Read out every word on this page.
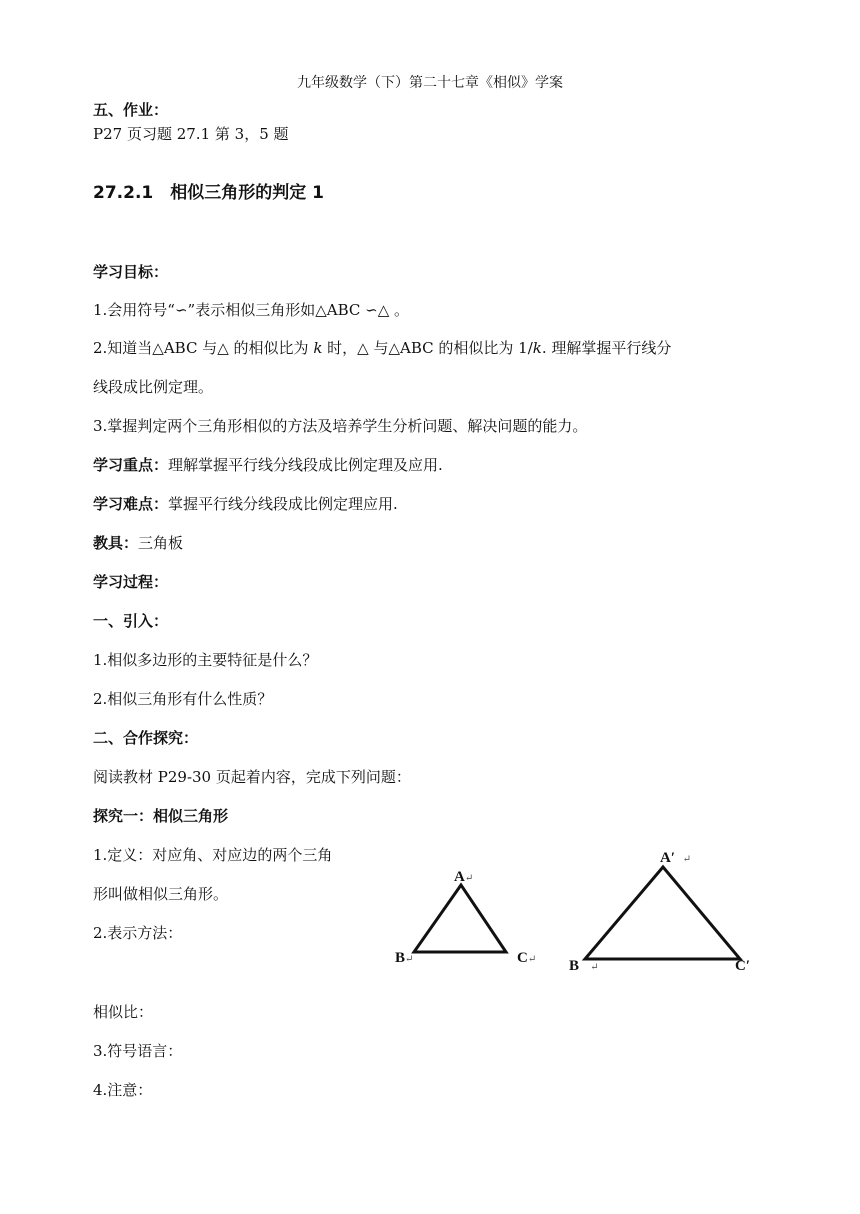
九年级数学（下）第二十七章《相似》学案
五、作业：
P27 页习题 27.1 第 3，5 题
27.2.1　相似三角形的判定 1
学习目标：
1.会用符号“∽”表示相似三角形如△ABC ∽△ 。
2.知道当△ABC 与△ 的相似比为 k 时，△ 与△ABC 的相似比为 1/k. 理解掌握平行线分
线段成比例定理。
3.掌握判定两个三角形相似的方法及培养学生分析问题、解决问题的能力。
学习重点：理解掌握平行线分线段成比例定理及应用.
学习难点：掌握平行线分线段成比例定理应用.
教具：三角板
学习过程：
一、引入：
1.相似多边形的主要特征是什么？
2.相似三角形有什么性质？
二、合作探究：
阅读教材 P29-30 页起着内容，完成下列问题：
探究一：相似三角形
1.定义：对应角、对应边的两个三角
形叫做相似三角形。
2.表示方法：
相似比：
3.符号语言：
4.注意：
A↵
B↵	C↵
A′ ↵
B ↵	C′
